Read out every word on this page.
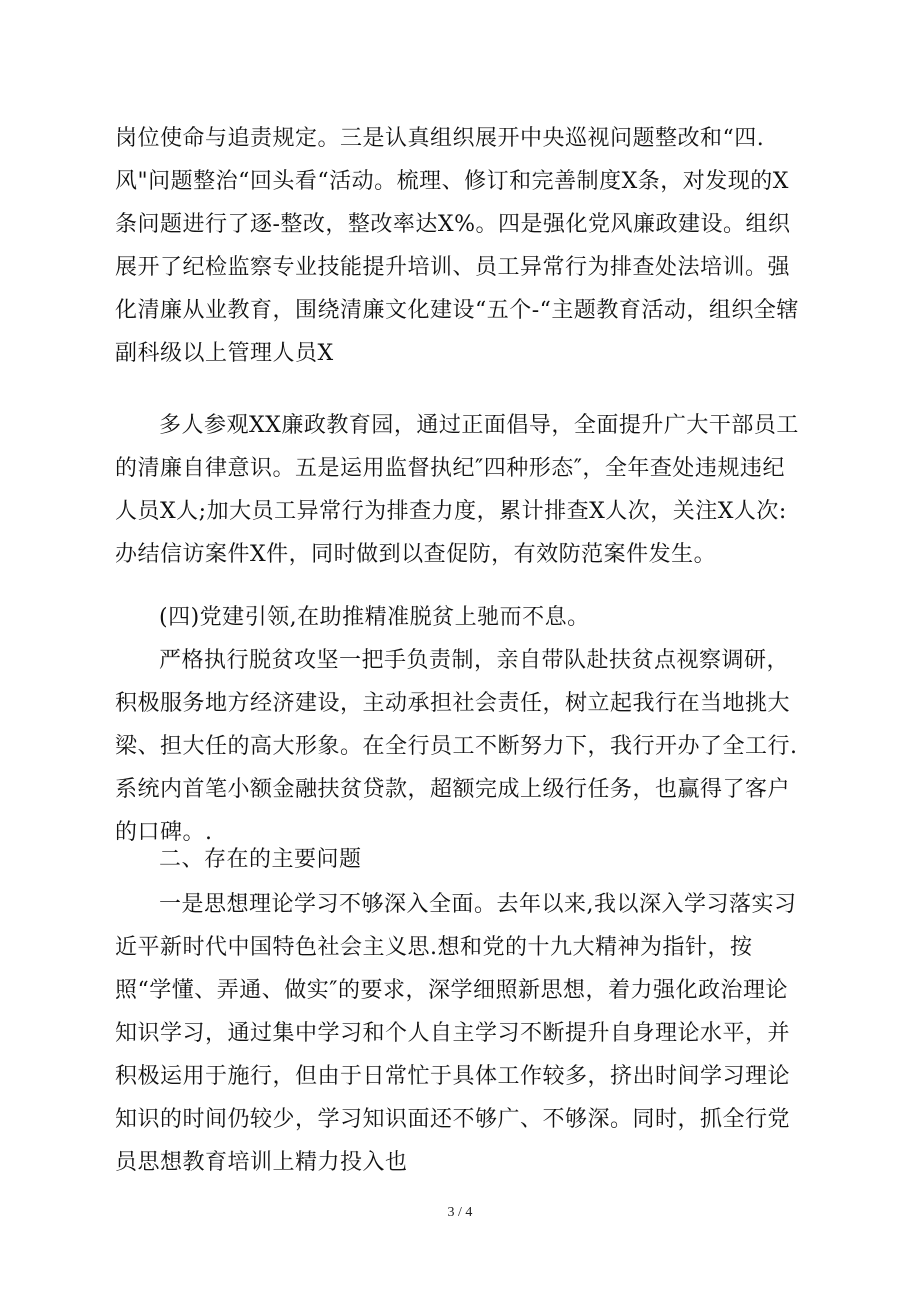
岗位使命与追责规定。三是认真组织展开中央巡视问题整改和“四.风"问题整治“回头看“活动。梳理、修订和完善制度X条，对发现的X条问题进行了逐-整改，整改率达X%。四是强化党风廉政建设。组织展开了纪检监察专业技能提升培训、员工异常行为排查处法培训。强化清廉从业教育，围绕清廉文化建设“五个-“主题教育活动，组织全辖副科级以上管理人员X

多人参观XX廉政教育园，通过正面倡导，全面提升广大干部员工的清廉自律意识。五是运用监督执纪″四种形态″，全年查处违规违纪人员X人;加大员工异常行为排查力度，累计排查X人次，关注X人次:办结信访案件X件，同时做到以查促防，有效防范案件发生。

(四)党建引领,在助推精准脱贫上驰而不息。

严格执行脱贫攻坚一把手负责制，亲自带队赴扶贫点视察调研，积极服务地方经济建设，主动承担社会责任，树立起我行在当地挑大梁、担大任的高大形象。在全行员工不断努力下，我行开办了全工行.系统内首笔小额金融扶贫贷款，超额完成上级行任务，也赢得了客户的口碑。.

二、存在的主要问题

一是思想理论学习不够深入全面。去年以来,我以深入学习落实习近平新时代中国特色社会主义思.想和党的十九大精神为指针，按照“学懂、弄通、做实″的要求，深学细照新思想，着力强化政治理论知识学习，通过集中学习和个人自主学习不断提升自身理论水平，并积极运用于施行，但由于日常忙于具体工作较多，挤出时间学习理论知识的时间仍较少，学习知识面还不够广、不够深。同时，抓全行党员思想教育培训上精力投入也

3 / 4
